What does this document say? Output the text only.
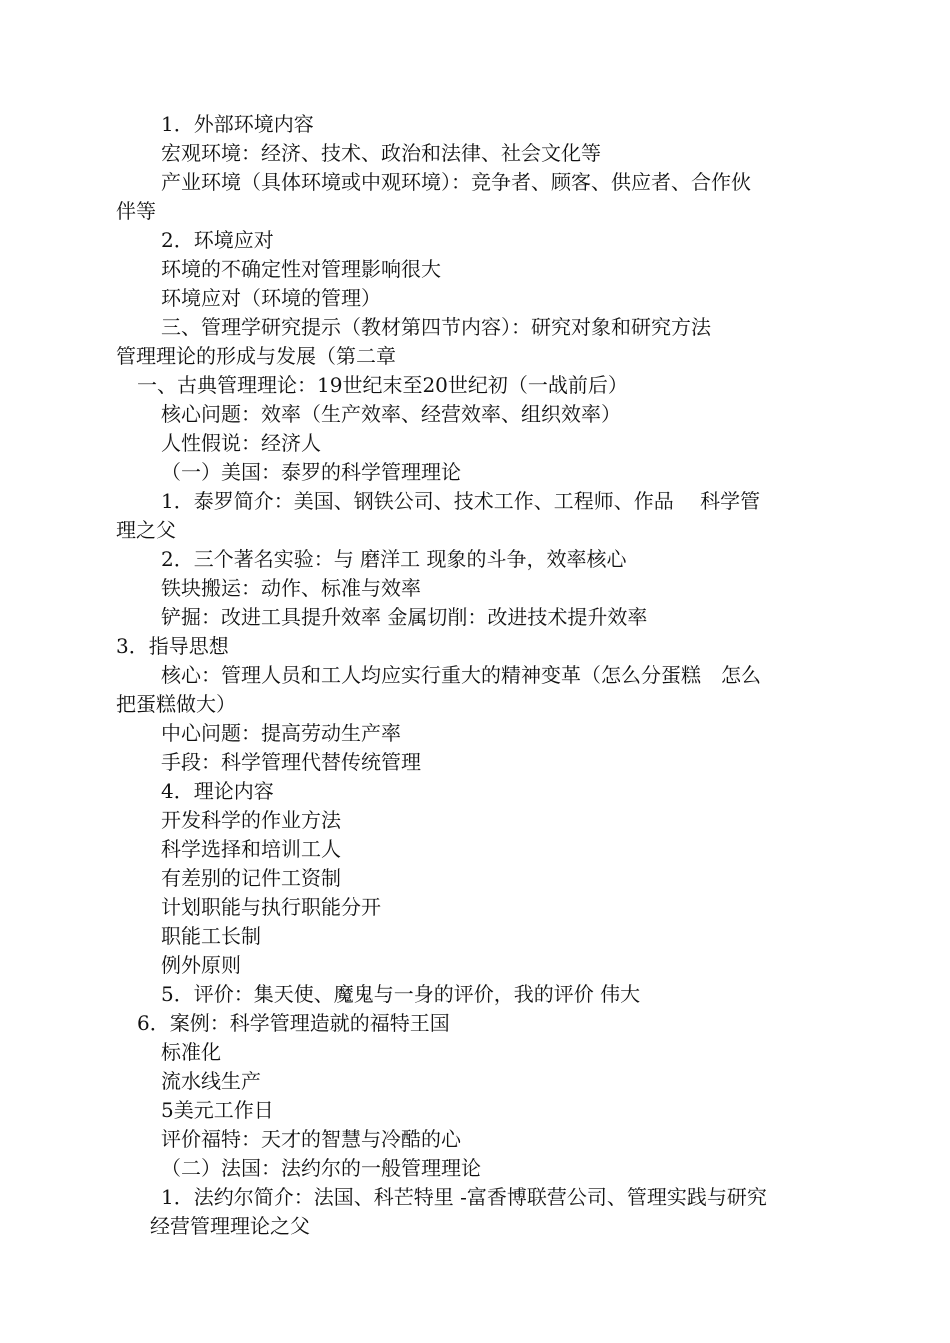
1．外部环境内容
宏观环境：经济、技术、政治和法律、社会文化等
产业环境（具体环境或中观环境）：竞争者、顾客、供应者、合作伙
伴等
2．环境应对
环境的不确定性对管理影响很大
环境应对（环境的管理）
三、管理学研究提示（教材第四节内容）：研究对象和研究方法
管理理论的形成与发展（第二章
一、古典管理理论：19世纪末至20世纪初（一战前后）
核心问题：效率（生产效率、经营效率、组织效率）
人性假说：经济人
（一）美国：泰罗的科学管理理论
1．泰罗简介：美国、钢铁公司、技术工作、工程师、作品　 科学管
理之父
2．三个著名实验：与 磨洋工 现象的斗争，效率核心
铁块搬运：动作、标准与效率
铲掘：改进工具提升效率 金属切削：改进技术提升效率
3．指导思想
核心：管理人员和工人均应实行重大的精神变革（怎么分蛋糕　怎么
把蛋糕做大）
中心问题：提高劳动生产率
手段：科学管理代替传统管理
4．理论内容
开发科学的作业方法
科学选择和培训工人
有差别的记件工资制
计划职能与执行职能分开
职能工长制
例外原则
5．评价：集天使、魔鬼与一身的评价，我的评价 伟大
6．案例：科学管理造就的福特王国
标准化
流水线生产
5美元工作日
评价福特：天才的智慧与冷酷的心
（二）法国：法约尔的一般管理理论
1．法约尔简介：法国、科芒特里 -富香博联营公司、管理实践与研究
经营管理理论之父
